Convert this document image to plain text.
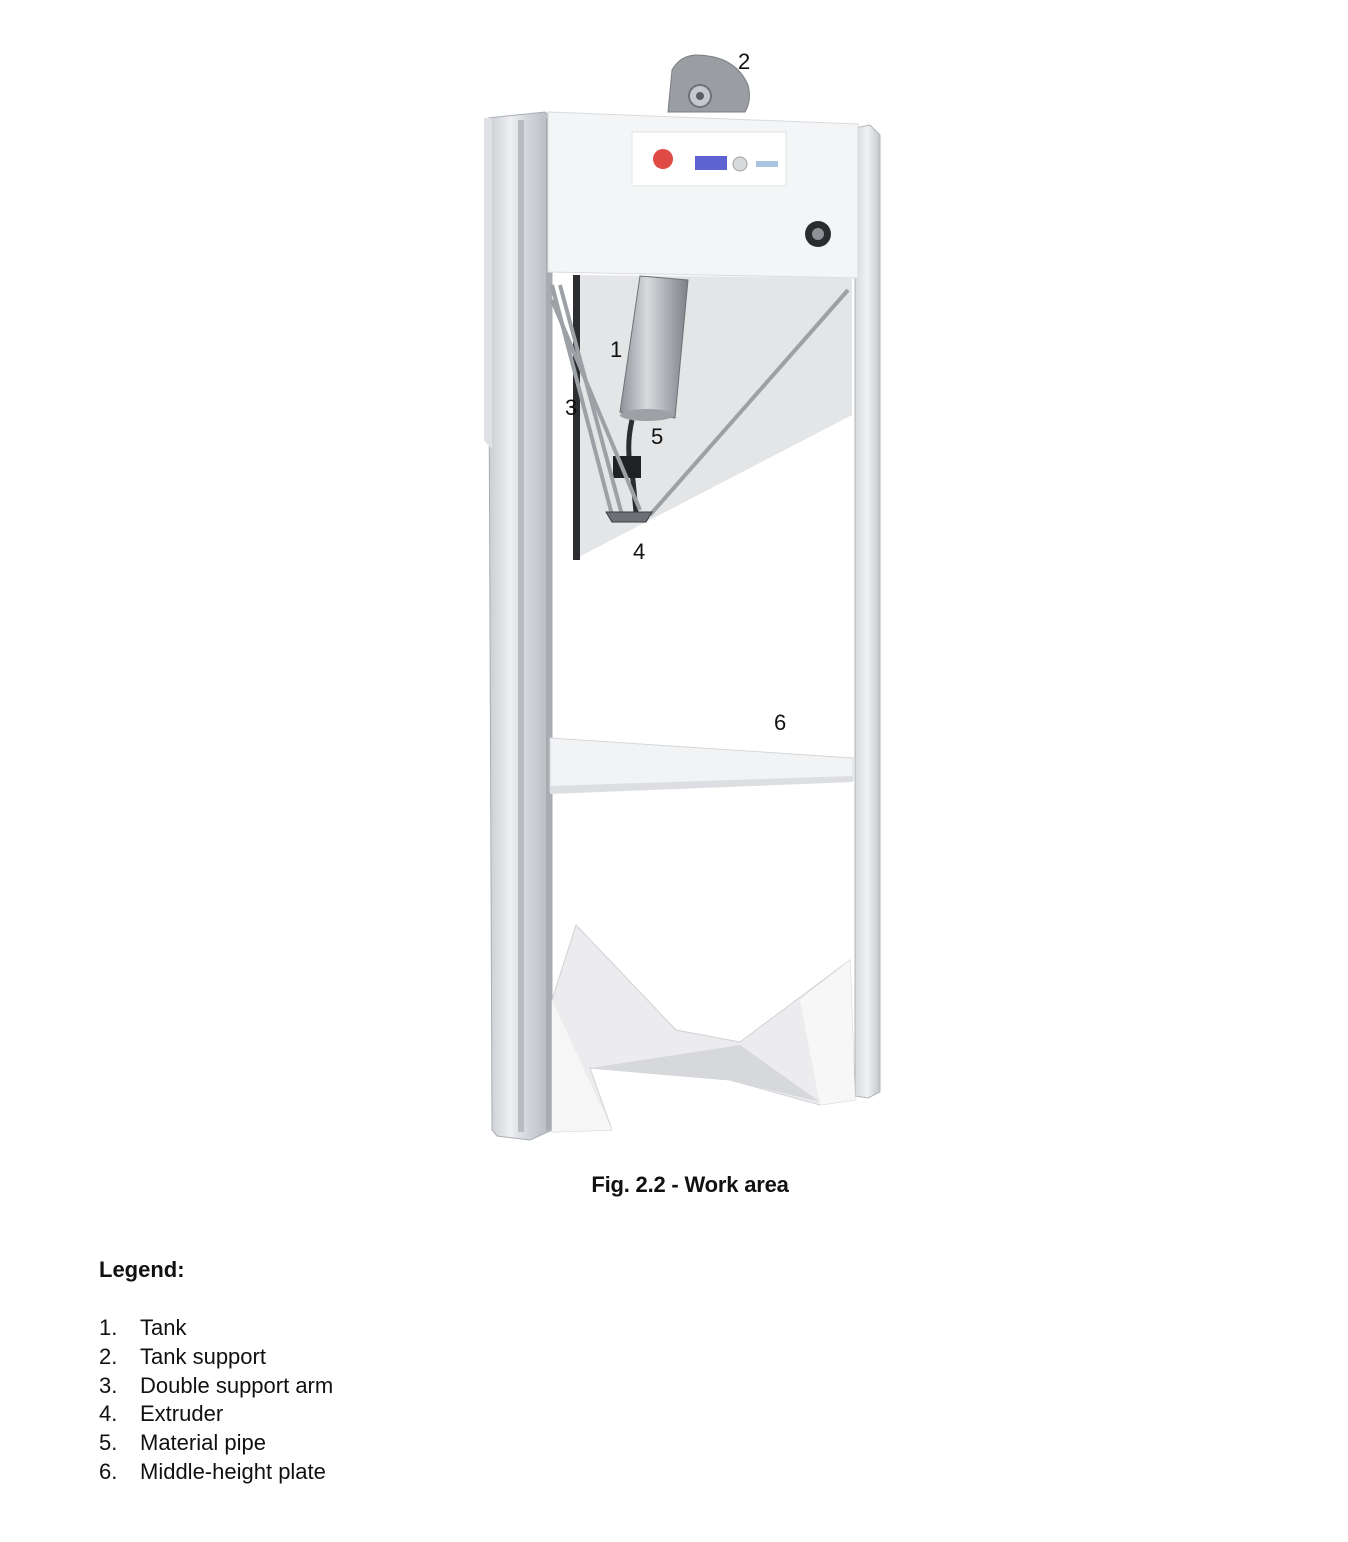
1
2
3
4
5
6
Fig. 2.2 - Work area
Legend:
1.	Tank
2.	Tank support
3.	Double support arm
4.	Extruder
5.	Material pipe
6.	Middle-height plate
